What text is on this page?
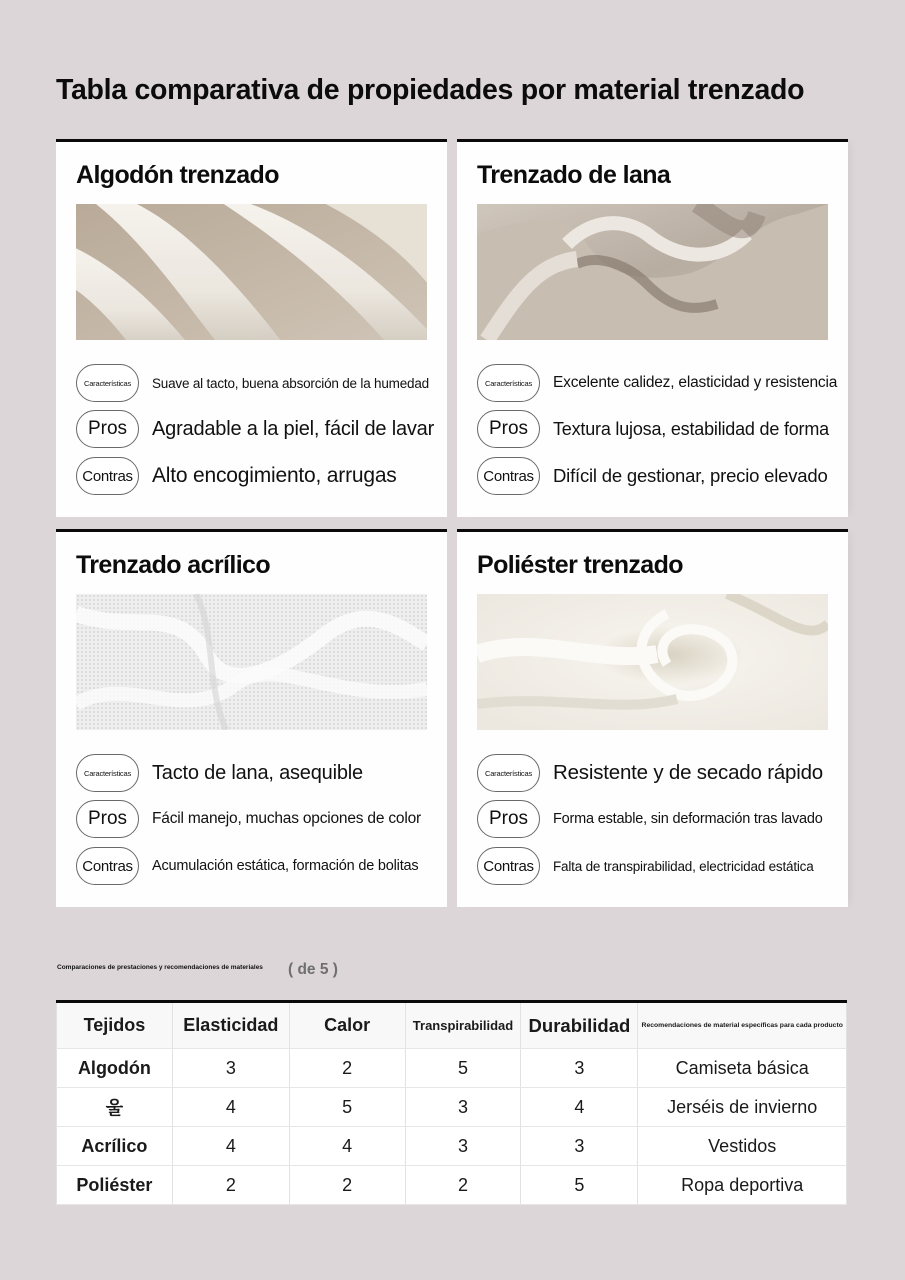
Tabla comparativa de propiedades por material trenzado
Algodón trenzado
Características	Suave al tacto, buena absorción de la humedad
Pros	Agradable a la piel, fácil de lavar
Contras Alto encogimiento, arrugas
Trenzado de lana
Características	Excelente calidez, elasticidad y resistencia
Pros	Textura lujosa, estabilidad de forma
Contras	Difícil de gestionar, precio elevado
Trenzado acrílico
Características	Tacto de lana, asequible
Pros	Fácil manejo, muchas opciones de color
Contras	Acumulación estática, formación de bolitas
Poliéster trenzado
Características	Resistente y de secado rápido
Pros	Forma estable, sin deformación tras lavado
Contras	Falta de transpirabilidad, electricidad estática
Comparaciones de prestaciones y recomendaciones de materiales ( de 5 )
Tejidos	Elasticidad	Calor	Transpirabilidad	Durabilidad	Recomendaciones de material específicas para cada producto
Algodón	3	2	5	3	Camiseta básica
울	4	5	3	4	Jerséis de invierno
Acrílico	4	4	3	3	Vestidos
Poliéster	2	2	2	5	Ropa deportiva
